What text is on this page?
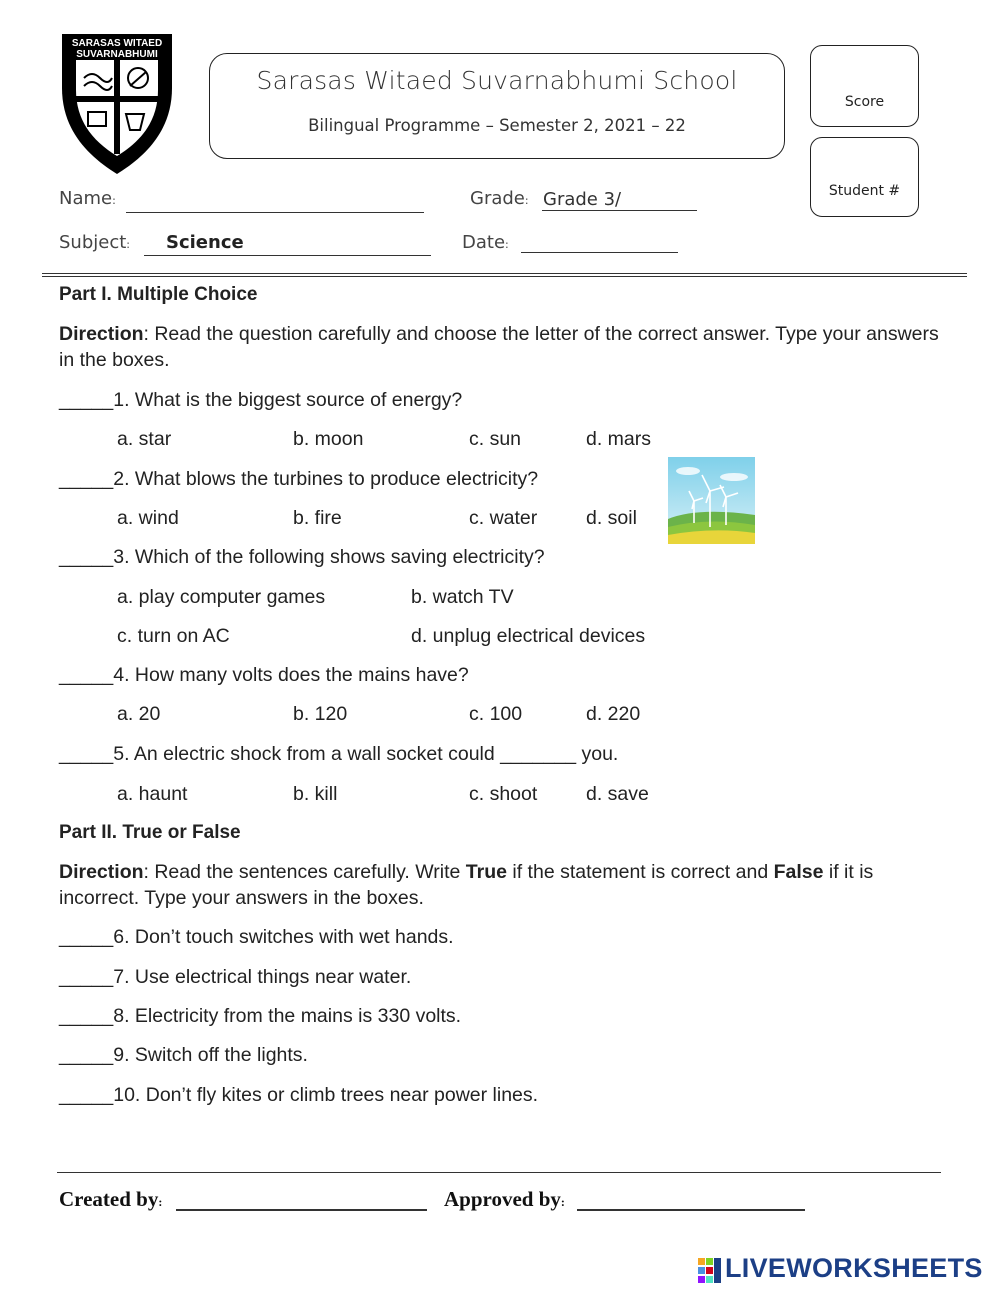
SARASAS WITAED
SUVARNABHUMI
Sarasas Witaed Suvarnabhumi School
Bilingual Programme – Semester 2, 2021 – 22
Score
Student #
Name:	Grade: Grade 3/
Subject: Science	Date:
Part I. Multiple Choice
Direction: Read the question carefully and choose the letter of the correct answer. Type your answers in the boxes.
_____1. What is the biggest source of energy?
a. star	b. moon	c. sun	d. mars
_____2. What blows the turbines to produce electricity?
a. wind	b. fire	c. water d. soil
_____3. Which of the following shows saving electricity?
a. play computer games	b. watch TV
c. turn on AC	d. unplug electrical devices
_____4. How many volts does the mains have?
a. 20	b. 120	c. 100	d. 220
_____5. An electric shock from a wall socket could _______ you.
a. haunt	b. kill	c. shoot d. save
Part II. True or False
Direction: Read the sentences carefully. Write True if the statement is correct and False if it is incorrect. Type your answers in the boxes.
_____6. Don’t touch switches with wet hands.
_____7. Use electrical things near water.
_____8. Electricity from the mains is 330 volts.
_____9. Switch off the lights.
_____10. Don’t fly kites or climb trees near power lines.
Created by:	Approved by:
LIVEWORKSHEETS
